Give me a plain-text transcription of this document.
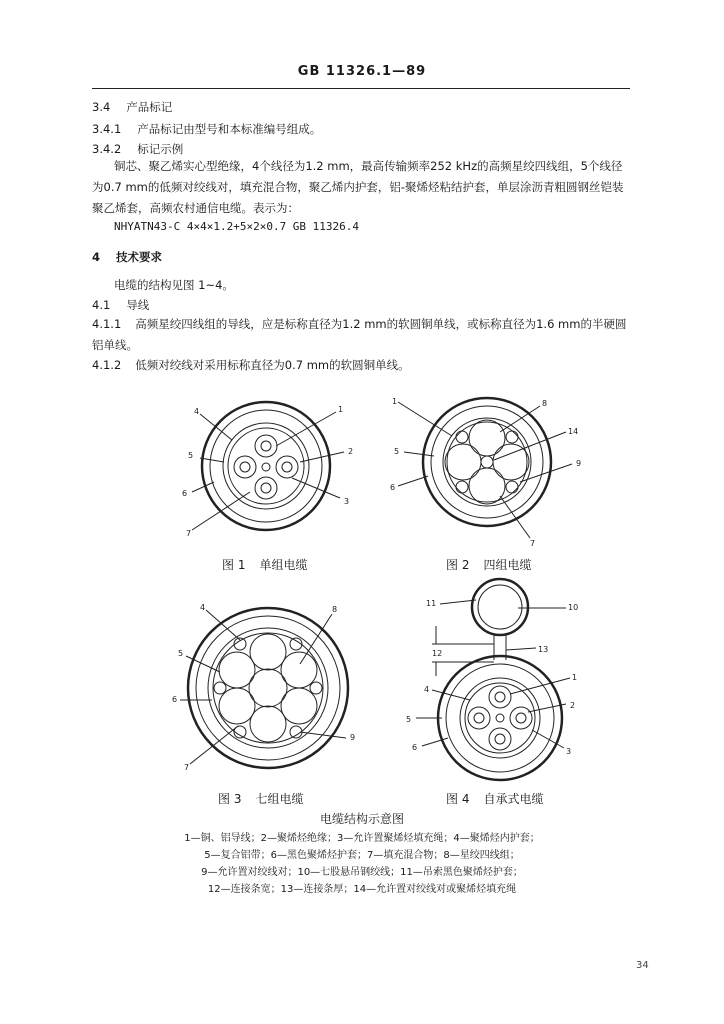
GB 11326.1—89
3.4 产品标记
3.4.1 产品标记由型号和本标准编号组成。
3.4.2 标记示例
铜芯、聚乙烯实心型绝缘，4个线径为1.2 mm，最高传输频率252 kHz的高频星绞四线组，5个线径为0.7 mm的低频对绞线对，填充混合物，聚乙烯内护套，铝-聚烯烃粘结护套，单层涂沥青粗圆钢丝铠装聚乙烯套，高频农村通信电缆。表示为：
NHYATN43-C 4×4×1.2+5×2×0.7 GB 11326.4
4 技术要求
电缆的结构见图 1~4。
4.1 导线
4.1.1 高频星绞四线组的导线，应是标称直径为1.2 mm的软圆铜单线，或标称直径为1.6 mm的半硬圆铝单线。
4.1.2 低频对绞线对采用标称直径为0.7 mm的软圆铜单线。
4	1
5	2
6
3
7
1	8
14
5
9
6
7
4	8
5
6
9
7
11	10
12	13
1
4
2
5
6	3
图 1 单组电缆	图 2 四组电缆
图 3 七组电缆	图 4 自承式电缆
电缆结构示意图
1—铜、铝导线；2—聚烯烃绝缘；3—允许置聚烯烃填充绳；4—聚烯烃内护套；
5—复合铝带；6—黑色聚烯烃护套；7—填充混合物；8—星绞四线组；
9—允许置对绞线对；10—七股悬吊钢绞线；11—吊索黑色聚烯烃护套；
12—连接条宽；13—连接条厚；14—允许置对绞线对或聚烯烃填充绳
34
